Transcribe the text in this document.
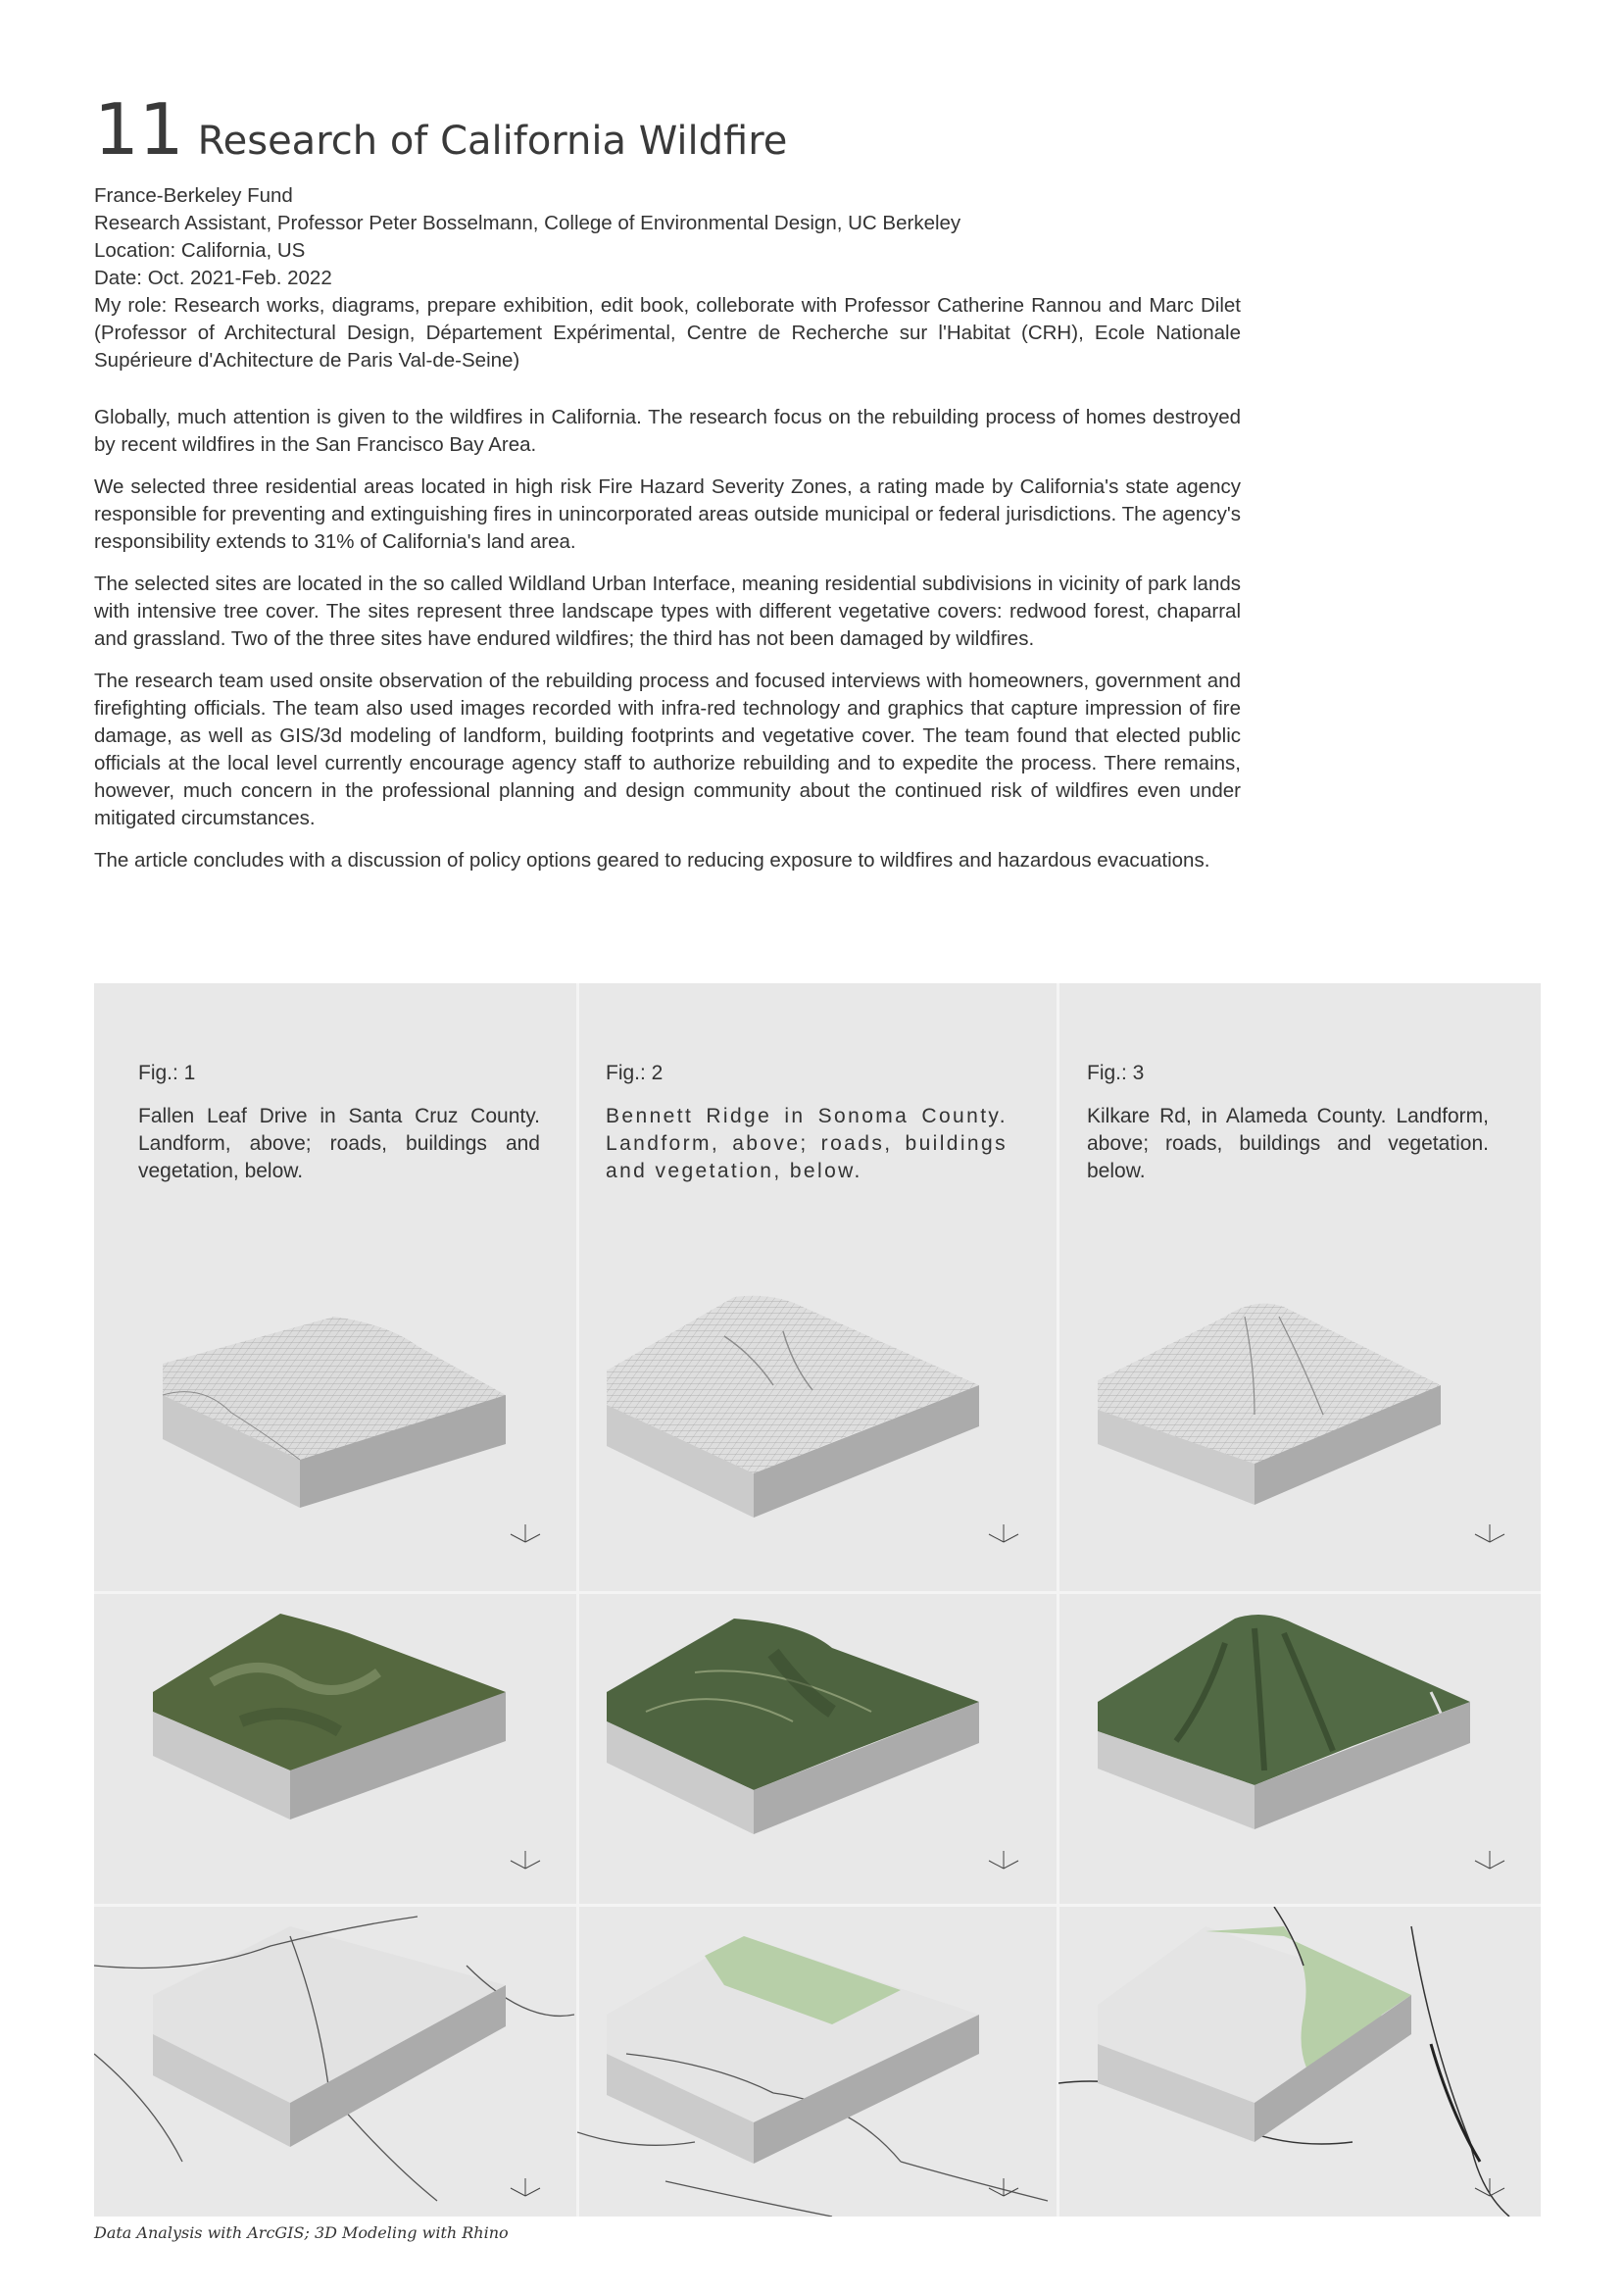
11 Research of California Wildfire
France-Berkeley Fund
Research Assistant, Professor Peter Bosselmann, College of Environmental Design, UC Berkeley
Location: California, US
Date: Oct. 2021-Feb. 2022
My role: Research works, diagrams, prepare exhibition, edit book, colleborate with Professor Catherine Rannou and Marc Dilet (Professor of Architectural Design, Département Expérimental, Centre de Recherche sur l'Habitat (CRH), Ecole Nationale Supérieure d'Achitecture de Paris Val-de-Seine)

Globally, much attention is given to the wildfires in California. The research focus on the rebuilding process of homes destroyed by recent wildfires in the San Francisco Bay Area.

We selected three residential areas located in high risk Fire Hazard Severity Zones, a rating made by California's state agency responsible for preventing and extinguishing fires in unincorporated areas outside municipal or federal jurisdictions. The agency's responsibility extends to 31% of California's land area.

The selected sites are located in the so called Wildland Urban Interface, meaning residential subdivisions in vicinity of park lands with intensive tree cover. The sites represent three landscape types with different vegetative covers: redwood forest, chaparral and grassland. Two of the three sites have endured wildfires; the third has not been damaged by wildfires.

The research team used onsite observation of the rebuilding process and focused interviews with homeowners, government and firefighting officials. The team also used images recorded with infra-red technology and graphics that capture impression of fire damage, as well as GIS/3d modeling of landform, building footprints and vegetative cover. The team found that elected public officials at the local level currently encourage agency staff to authorize rebuilding and to expedite the process. There remains, however, much concern in the professional planning and design community about the continued risk of wildfires even under mitigated circumstances.

The article concludes with a discussion of policy options geared to reducing exposure to wildfires and hazardous evacuations.

Fig.: 1
Fallen Leaf Drive in Santa Cruz County. Landform, above; roads, buildings and vegetation, below.
Fig.: 2
Bennett Ridge in Sonoma County. Landform, above; roads, buildings and vegetation, below.
Fig.: 3
Kilkare Rd, in Alameda County. Landform, above; roads, buildings and vegetation. below.
Data Analysis with ArcGIS; 3D Modeling with Rhino
